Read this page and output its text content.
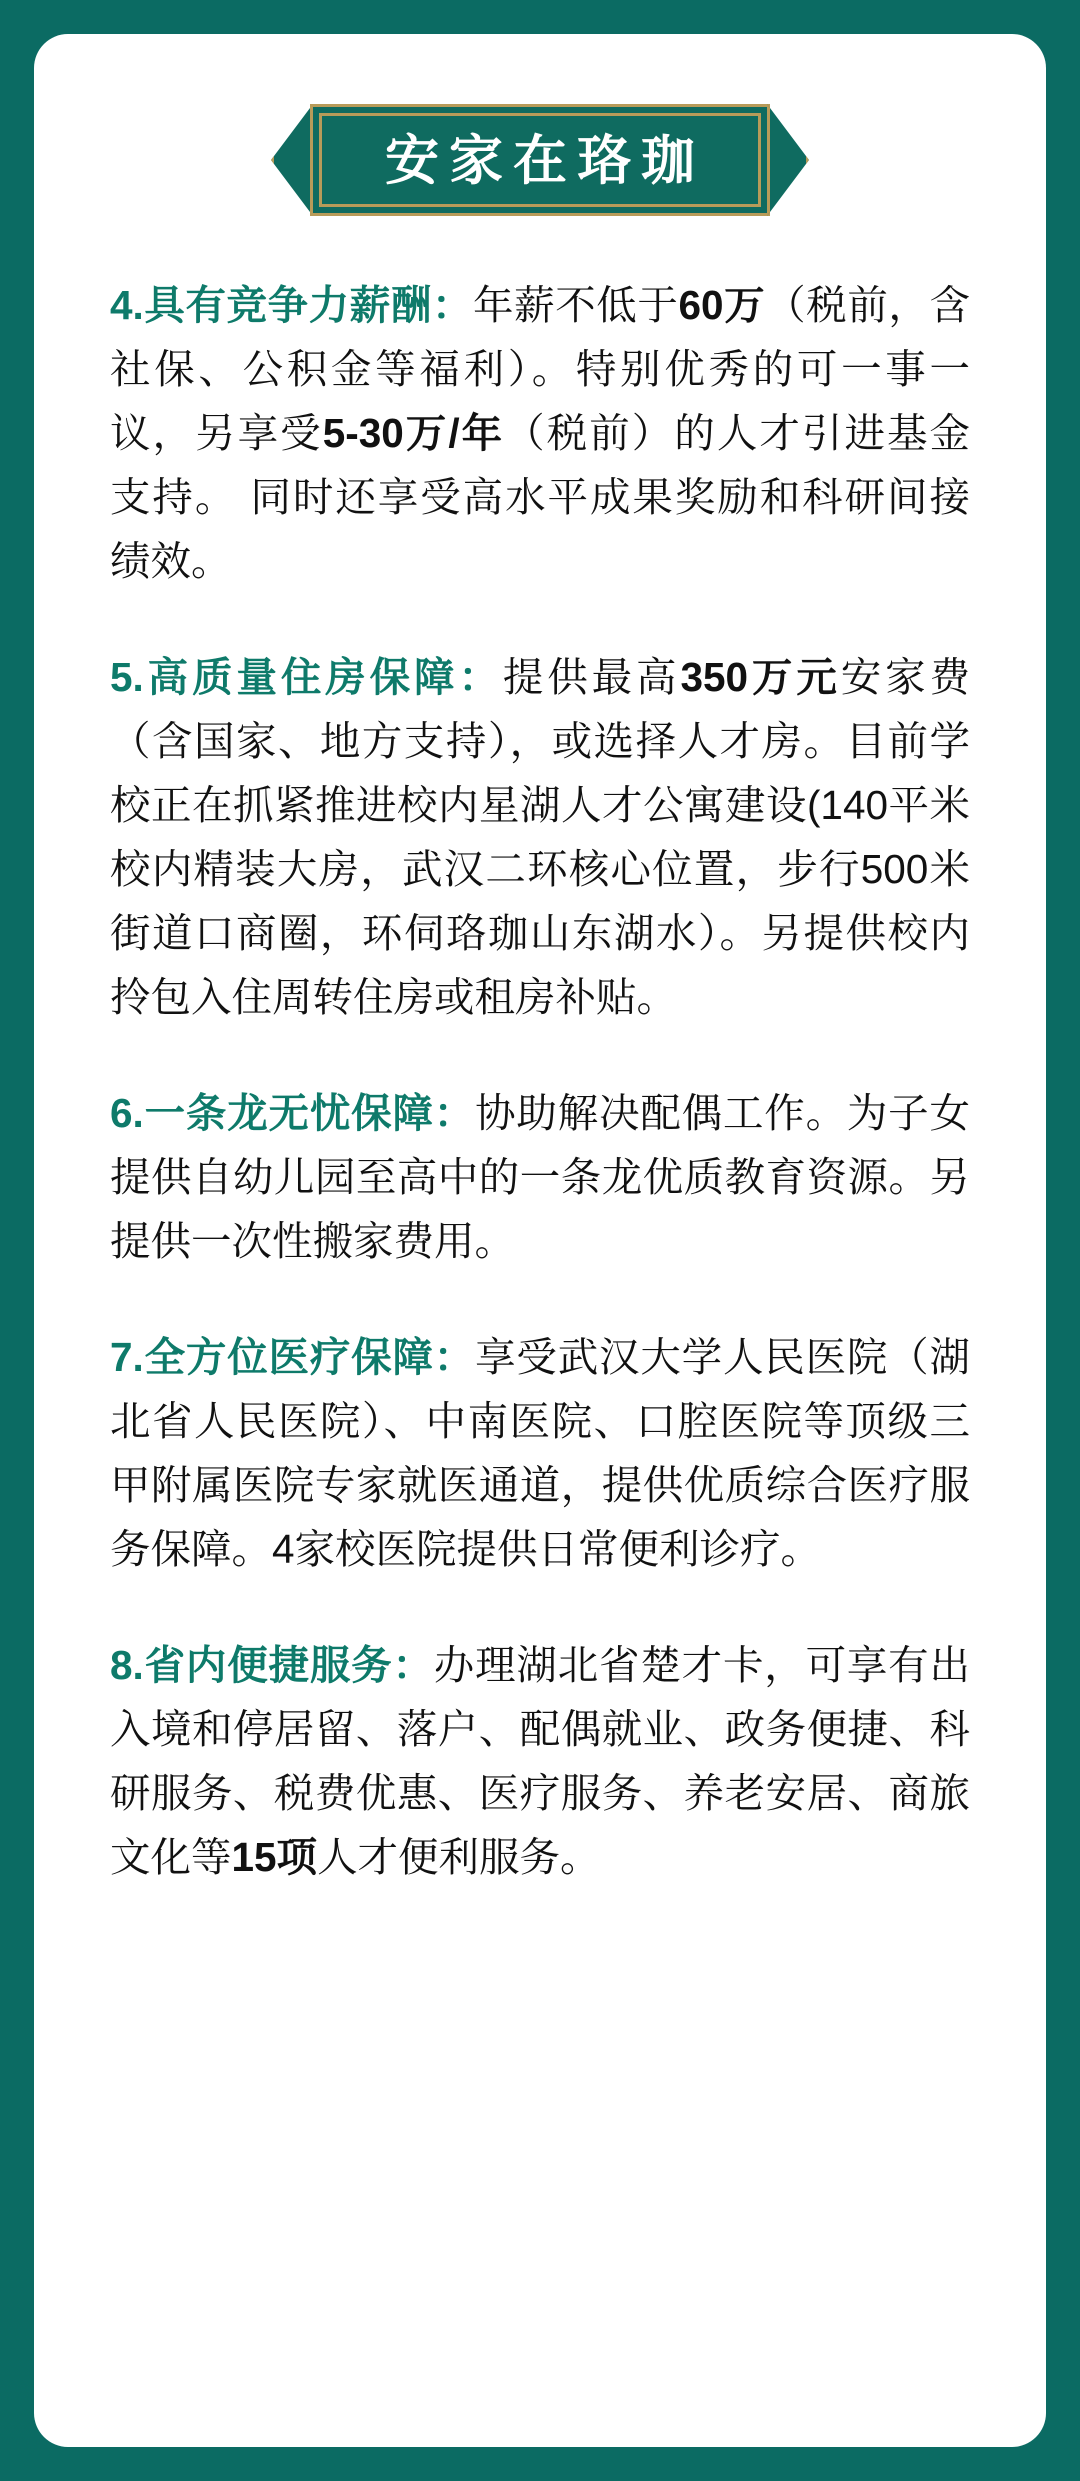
安家在珞珈

4.具有竞争力薪酬：年薪不低于60万（税前，含社保、公积金等福利）。特别优秀的可一事一议，另享受5-30万/年（税前）的人才引进基金支持。 同时还享受高水平成果奖励和科研间接绩效。

5.高质量住房保障：提供最高350万元安家费（含国家、地方支持），或选择人才房。目前学校正在抓紧推进校内星湖人才公寓建设(140平米校内精装大房，武汉二环核心位置，步行500米街道口商圈，环伺珞珈山东湖水）。另提供校内拎包入住周转住房或租房补贴。

6.一条龙无忧保障：协助解决配偶工作。为子女提供自幼儿园至高中的一条龙优质教育资源。另提供一次性搬家费用。

7.全方位医疗保障：享受武汉大学人民医院（湖北省人民医院）、中南医院、口腔医院等顶级三甲附属医院专家就医通道，提供优质综合医疗服务保障。4家校医院提供日常便利诊疗。

8.省内便捷服务：办理湖北省楚才卡，可享有出入境和停居留、落户、配偶就业、政务便捷、科研服务、税费优惠、医疗服务、养老安居、商旅文化等15项人才便利服务。
